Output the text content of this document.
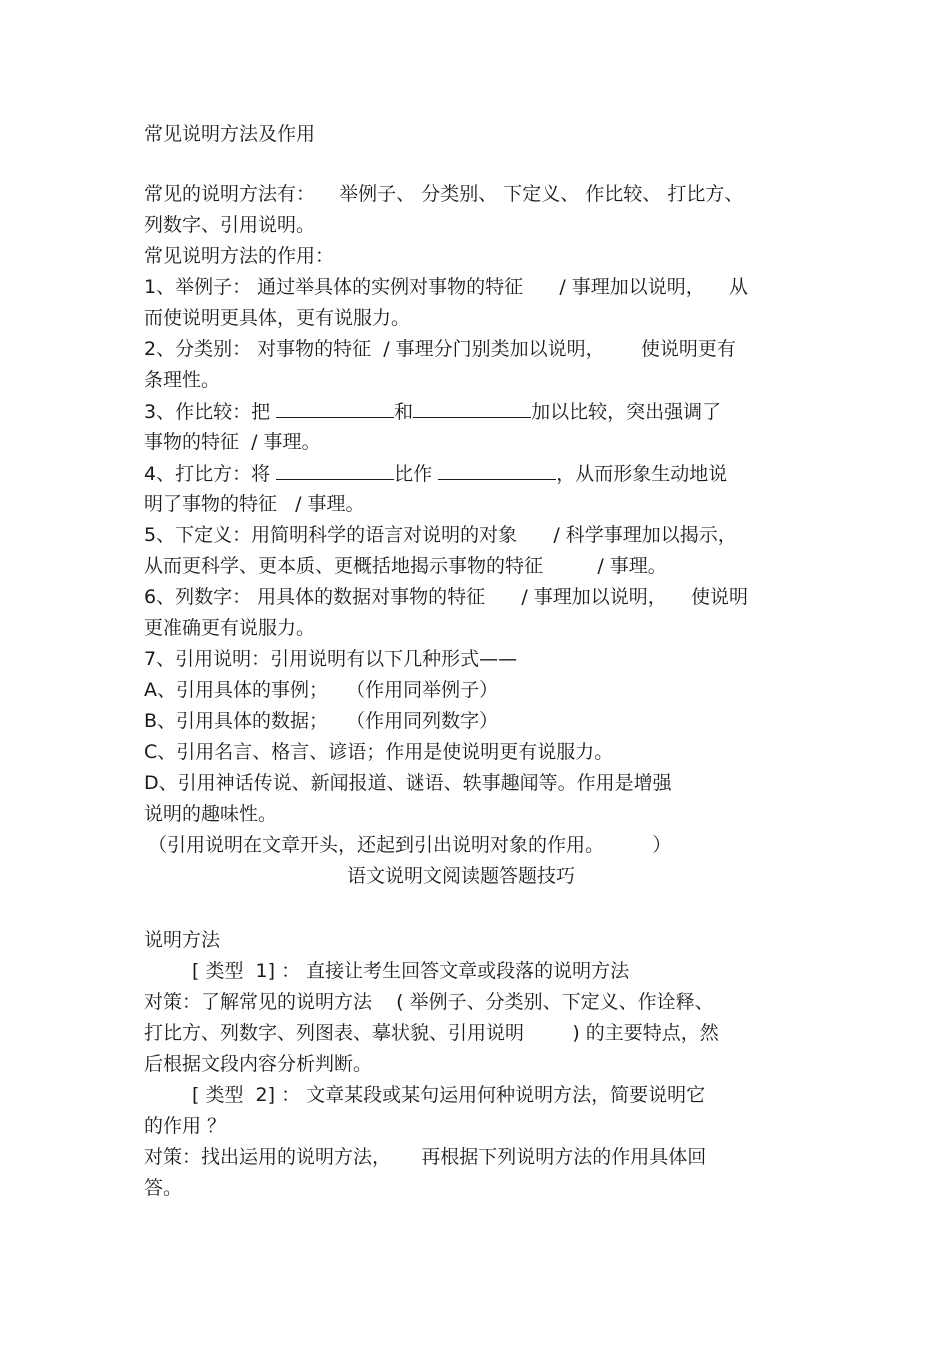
常见说明方法及作用

常见的说明方法有：    举例子、 分类别、 下定义、 作比较、 打比方、

列数字、引用说明。

常见说明方法的作用：

1、举例子： 通过举具体的实例对事物的特征      / 事理加以说明，    从

而使说明更具体，更有说服力。

2、分类别： 对事物的特征  / 事理分门别类加以说明，      使说明更有

条理性。

3、作比较：把	和	加以比较，突出强调了

事物的特征  / 事理。

4、打比方：将	比作	，从而形象生动地说

明了事物的特征   / 事理。

5、下定义：用简明科学的语言对说明的对象      / 科学事理加以揭示，

从而更科学、更本质、更概括地揭示事物的特征         / 事理。

6、列数字： 用具体的数据对事物的特征      / 事理加以说明，    使说明

更准确更有说服力。

7、引用说明：引用说明有以下几种形式——

A、引用具体的事例；   （作用同举例子）

B、引用具体的数据；   （作用同列数字）

C、引用名言、格言、谚语；作用是使说明更有说服力。

D、引用神话传说、新闻报道、谜语、轶事趣闻等。作用是增强

说明的趣味性。

（引用说明在文章开头，还起到引出说明对象的作用。        ）

语文说明文阅读题答题技巧

说明方法

[ 类型  1] ： 直接让考生回答文章或段落的说明方法

对策：了解常见的说明方法    ( 举例子、分类别、下定义、作诠释、

打比方、列数字、列图表、摹状貌、引用说明        ) 的主要特点，然

后根据文段内容分析判断。

[ 类型  2] ： 文章某段或某句运用何种说明方法，简要说明它

的作用 ？

对策：找出运用的说明方法，     再根据下列说明方法的作用具体回

答。
